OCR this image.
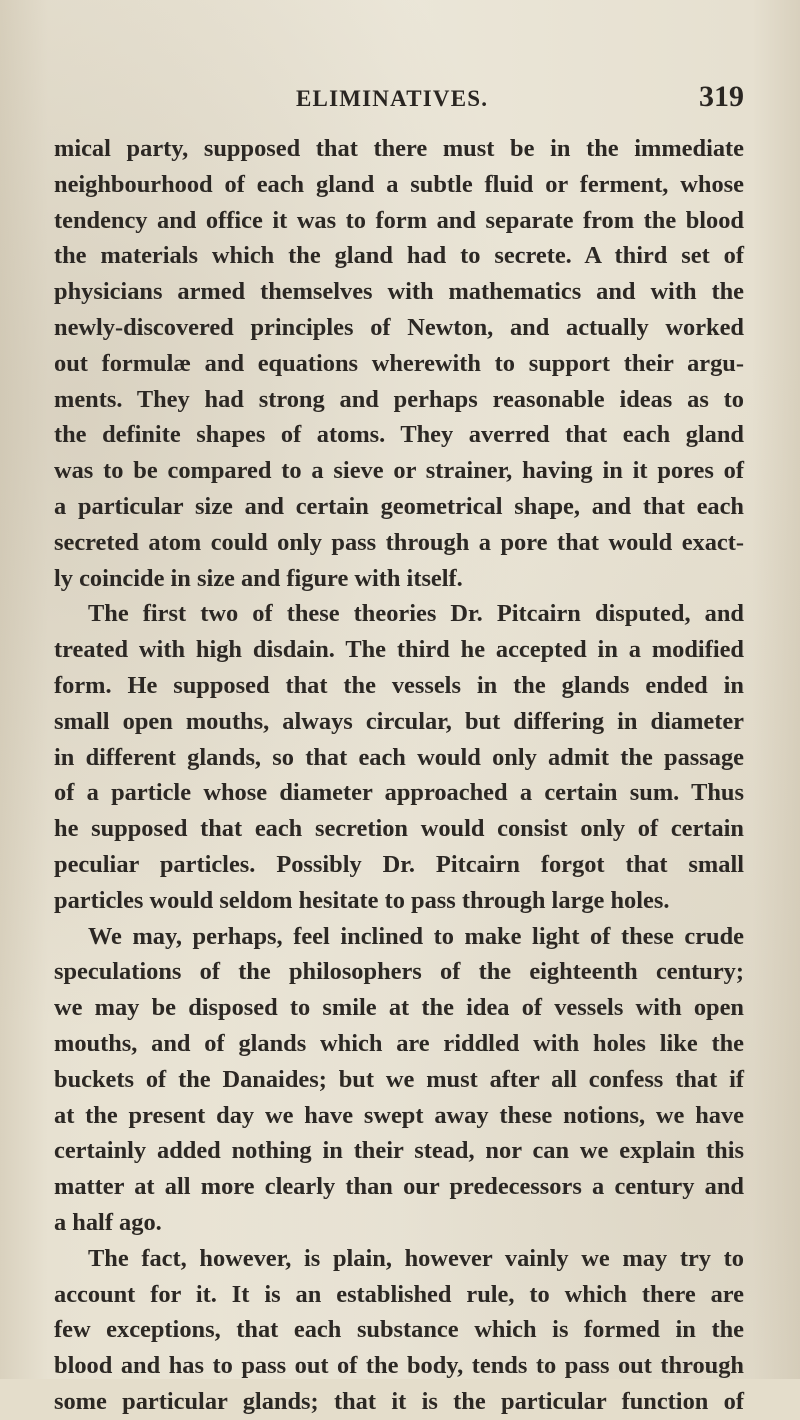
ELIMINATIVES.	319
mical party, supposed that there must be in the immediate
neighbourhood of each gland a subtle fluid or ferment, whose
tendency and office it was to form and separate from the blood
the materials which the gland had to secrete. A third set of
physicians armed themselves with mathematics and with the
newly-discovered principles of Newton, and actually worked
out formulæ and equations wherewith to support their argu-
ments. They had strong and perhaps reasonable ideas as to
the definite shapes of atoms. They averred that each gland
was to be compared to a sieve or strainer, having in it pores of
a particular size and certain geometrical shape, and that each
secreted atom could only pass through a pore that would exact-
ly coincide in size and figure with itself.
The first two of these theories Dr. Pitcairn disputed, and
treated with high disdain. The third he accepted in a modified
form. He supposed that the vessels in the glands ended in
small open mouths, always circular, but differing in diameter
in different glands, so that each would only admit the passage
of a particle whose diameter approached a certain sum. Thus
he supposed that each secretion would consist only of certain
peculiar particles. Possibly Dr. Pitcairn forgot that small
particles would seldom hesitate to pass through large holes.
We may, perhaps, feel inclined to make light of these crude
speculations of the philosophers of the eighteenth century;
we may be disposed to smile at the idea of vessels with open
mouths, and of glands which are riddled with holes like the
buckets of the Danaides; but we must after all confess that if
at the present day we have swept away these notions, we have
certainly added nothing in their stead, nor can we explain this
matter at all more clearly than our predecessors a century and
a half ago.
The fact, however, is plain, however vainly we may try to
account for it. It is an established rule, to which there are
few exceptions, that each substance which is formed in the
blood and has to pass out of the body, tends to pass out through
some particular glands; that it is the particular function of
